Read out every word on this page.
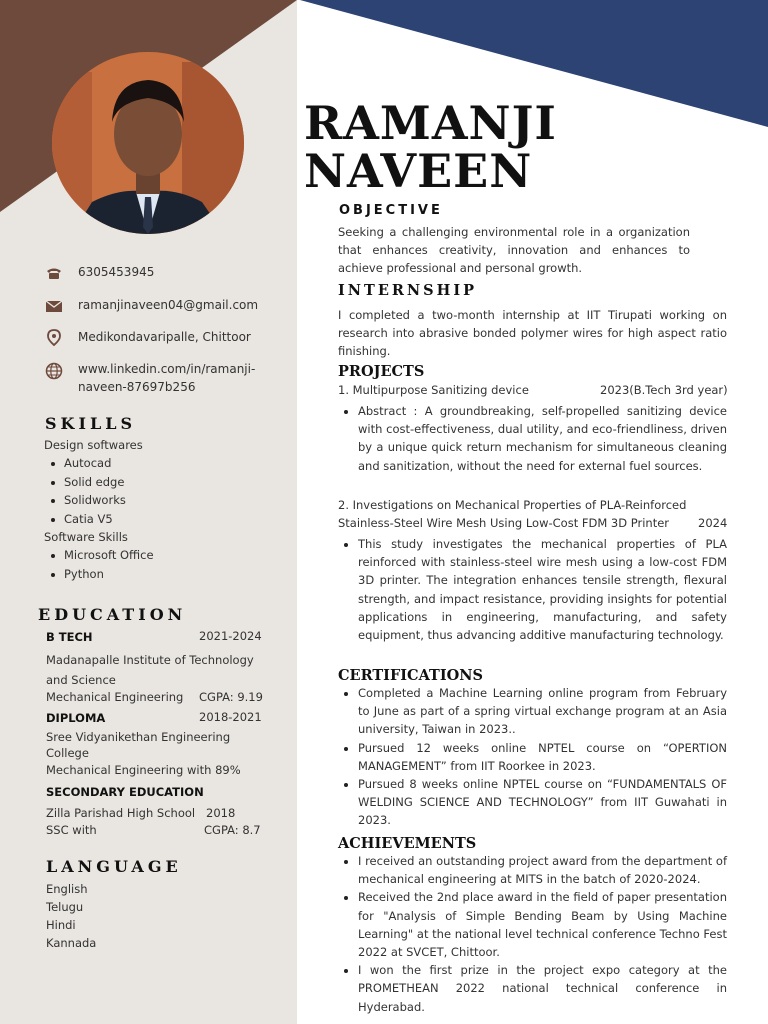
RAMANJI
NAVEEN
6305453945
ramanjinaveen04@gmail.com
Medikondavaripalle, Chittoor
www.linkedin.com/in/ramanji-
naveen-87697b256
SKILLS
Design softwares
Autocad
Solid edge
Solidworks
Catia V5
Software Skills
Microsoft Office
Python
EDUCATION
B TECH	2021-2024
Madanapalle Institute of Technology
and Science
Mechanical Engineering CGPA: 9.19
DIPLOMA	2018-2021
Sree Vidyanikethan Engineering
College
Mechanical Engineering with 89%
SECONDARY EDUCATION
Zilla Parishad High School 2018
SSC with	CGPA: 8.7
LANGUAGE
English
Telugu
Hindi
Kannada
OBJECTIVE
Seeking a challenging environmental role in a organization that enhances creativity, innovation and enhances to achieve professional and personal growth.
INTERNSHIP
I completed a two-month internship at IIT Tirupati working on research into abrasive bonded polymer wires for high aspect ratio finishing.
PROJECTS
1. Multipurpose Sanitizing device	2023(B.Tech 3rd year)
Abstract : A groundbreaking, self-propelled sanitizing device with cost-effectiveness, dual utility, and eco-friendliness, driven by a unique quick return mechanism for simultaneous cleaning and sanitization, without the need for external fuel sources.
2. Investigations on Mechanical Properties of PLA-Reinforced
Stainless-Steel Wire Mesh Using Low-Cost FDM 3D Printer	2024
This study investigates the mechanical properties of PLA reinforced with stainless-steel wire mesh using a low-cost FDM 3D printer. The integration enhances tensile strength, flexural strength, and impact resistance, providing insights for potential applications in engineering, manufacturing, and safety equipment, thus advancing additive manufacturing technology.
CERTIFICATIONS
Completed a Machine Learning online program from February to June as part of a spring virtual exchange program at an Asia university, Taiwan in 2023..
Pursued 12 weeks online NPTEL course on “OPERTION MANAGEMENT” from IIT Roorkee in 2023.
Pursued 8 weeks online NPTEL course on “FUNDAMENTALS OF WELDING SCIENCE AND TECHNOLOGY” from IIT Guwahati in 2023.
ACHIEVEMENTS
I received an outstanding project award from the department of mechanical engineering at MITS in the batch of 2020-2024.
Received the 2nd place award in the field of paper presentation for "Analysis of Simple Bending Beam by Using Machine Learning" at the national level technical conference Techno Fest 2022 at SVCET, Chittoor.
I won the first prize in the project expo category at the PROMETHEAN 2022 national technical conference in Hyderabad.
